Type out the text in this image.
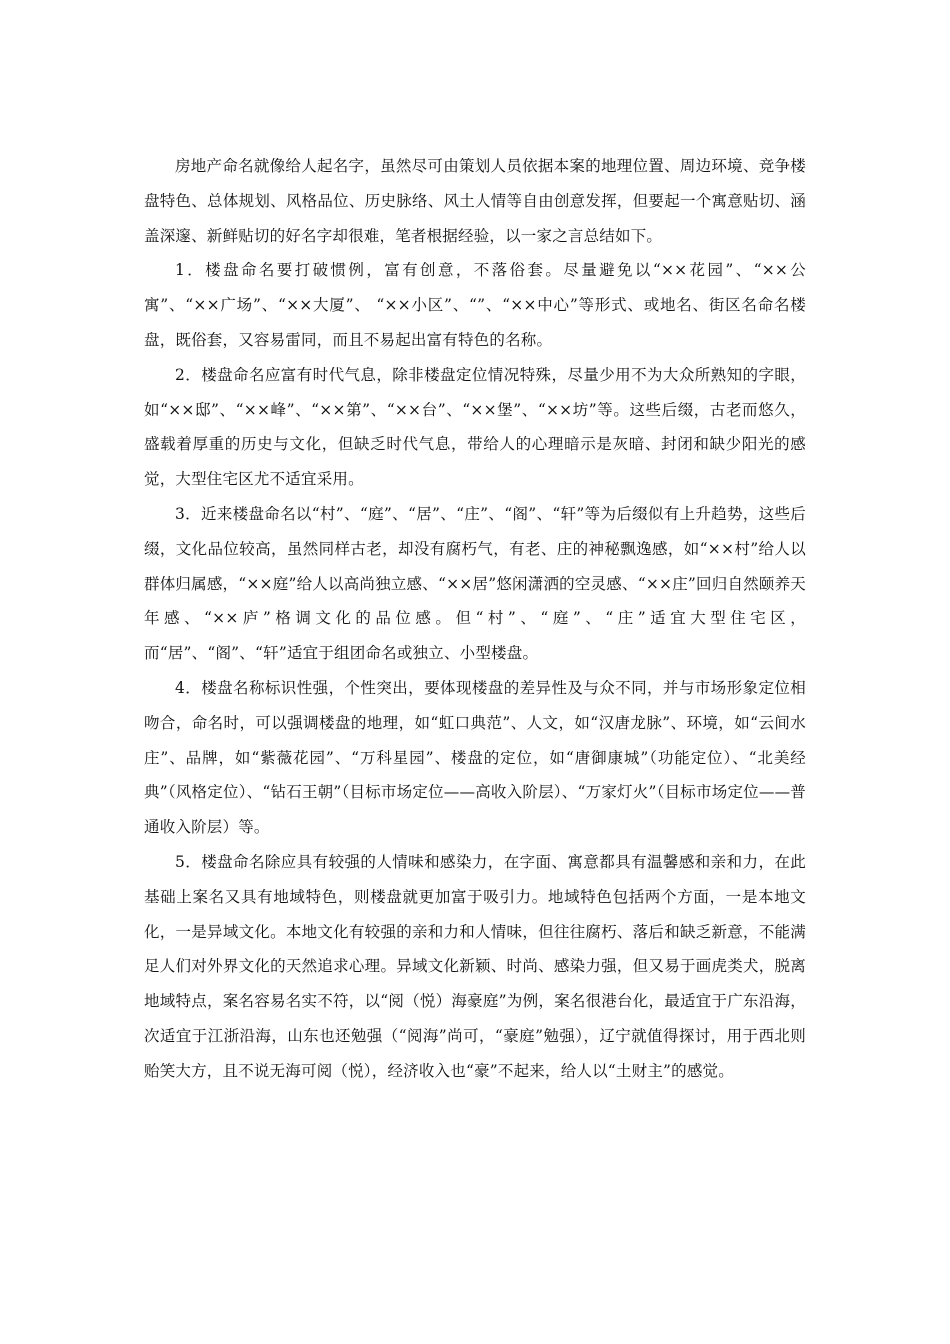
房地产命名就像给人起名字，虽然尽可由策划人员依据本案的地理位置、周边环境、竞争楼盘特色、总体规划、风格品位、历史脉络、风土人情等自由创意发挥，但要起一个寓意贴切、涵盖深邃、新鲜贴切的好名字却很难，笔者根据经验，以一家之言总结如下。

1．楼盘命名要打破惯例，富有创意，不落俗套。尽量避免以“××花园”、“××公寓”、“××广场”、“××大厦”、 “××小区”、“”、“××中心”等形式、或地名、街区名命名楼盘，既俗套，又容易雷同，而且不易起出富有特色的名称。

2．楼盘命名应富有时代气息，除非楼盘定位情况特殊，尽量少用不为大众所熟知的字眼，如“××邸”、“××峰”、“××第”、“××台”、“××堡”、“××坊”等。这些后缀，古老而悠久，盛载着厚重的历史与文化，但缺乏时代气息，带给人的心理暗示是灰暗、封闭和缺少阳光的感觉，大型住宅区尤不适宜采用。

3．近来楼盘命名以“村”、“庭”、“居”、“庄”、“阁”、“轩”等为后缀似有上升趋势，这些后缀，文化品位较高，虽然同样古老，却没有腐朽气，有老、庄的神秘飘逸感，如“××村”给人以群体归属感，“××庭”给人以高尚独立感、“××居”悠闲潇洒的空灵感、“××庄”回归自然颐养天年感、“××庐”格调文化的品位感。但“村”、“庭”、“庄”适宜大型住宅区，而“居”、“阁”、“轩”适宜于组团命名或独立、小型楼盘。

4．楼盘名称标识性强，个性突出，要体现楼盘的差异性及与众不同，并与市场形象定位相吻合，命名时，可以强调楼盘的地理，如“虹口典范”、人文，如“汉唐龙脉”、环境，如“云间水庄”、品牌，如“紫薇花园”、“万科星园”、楼盘的定位，如“唐御康城”（功能定位）、“北美经典”（风格定位）、“钻石王朝”（目标市场定位——高收入阶层）、“万家灯火”（目标市场定位——普通收入阶层）等。

5．楼盘命名除应具有较强的人情味和感染力，在字面、寓意都具有温馨感和亲和力，在此基础上案名又具有地域特色，则楼盘就更加富于吸引力。地域特色包括两个方面，一是本地文化，一是异域文化。本地文化有较强的亲和力和人情味，但往往腐朽、落后和缺乏新意，不能满足人们对外界文化的天然追求心理。异域文化新颖、时尚、感染力强，但又易于画虎类犬，脱离地域特点，案名容易名实不符，以“阅（悦）海豪庭”为例，案名很港台化，最适宜于广东沿海，次适宜于江浙沿海，山东也还勉强（“阅海”尚可，“豪庭”勉强），辽宁就值得探讨，用于西北则贻笑大方，且不说无海可阅（悦），经济收入也“豪”不起来，给人以“土财主”的感觉。
